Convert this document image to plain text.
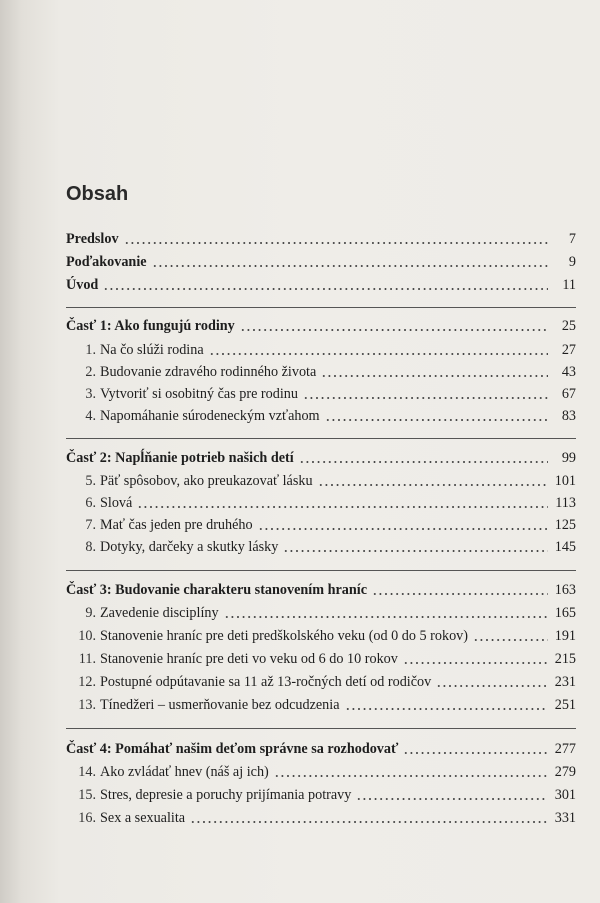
Obsah
Predslov	7
Poďakovanie	9
Úvod	11
Časť 1: Ako fungujú rodiny	25
1. Na čo slúži rodina	27
2. Budovanie zdravého rodinného života	43
3. Vytvoriť si osobitný čas pre rodinu	67
4. Napomáhanie súrodeneckým vzťahom	83
Časť 2: Napĺňanie potrieb našich detí	99
5. Päť spôsobov, ako preukazovať lásku	101
6. Slová	113
7. Mať čas jeden pre druhého	125
8. Dotyky, darčeky a skutky lásky	145
Časť 3: Budovanie charakteru stanovením hraníc	163
9. Zavedenie disciplíny	165
10. Stanovenie hraníc pre deti predškolského veku (od 0 do 5 rokov)	191
11. Stanovenie hraníc pre deti vo veku od 6 do 10 rokov	215
12. Postupné odpútavanie sa 11 až 13-ročných detí od rodičov	231
13. Tínedžeri – usmerňovanie bez odcudzenia	251
Časť 4: Pomáhať našim deťom správne sa rozhodovať	277
14. Ako zvládať hnev (náš aj ich)	279
15. Stres, depresie a poruchy prijímania potravy	301
16. Sex a sexualita	331
